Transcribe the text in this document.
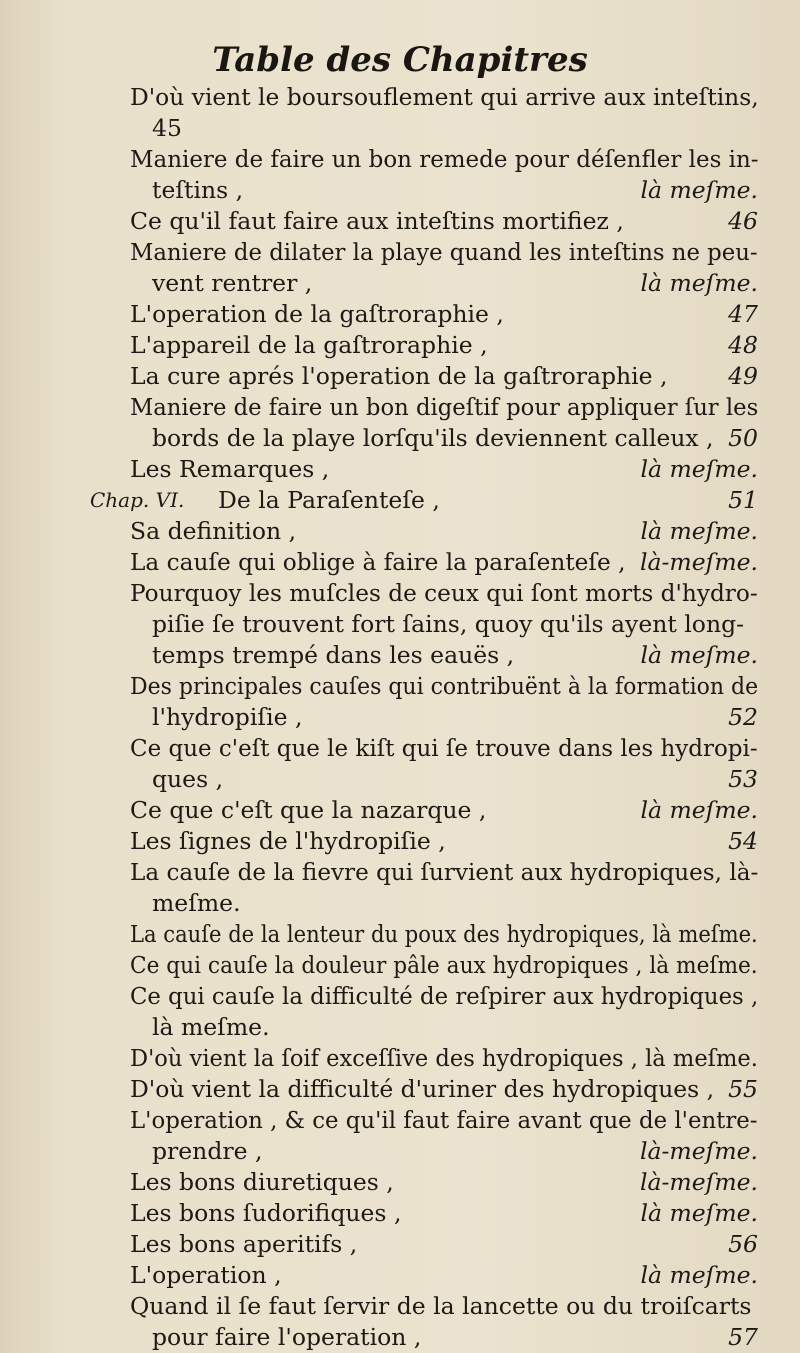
Table des Chapitres
D'où vient le boursouflement qui arrive aux inteſtins,
45
Maniere de faire un bon remede pour déſenfler les in-
teſtins ,	là meſme.
Ce qu'il faut faire aux inteſtins mortifiez ,	46
Maniere de dilater la playe quand les inteſtins ne peu-
vent rentrer ,	là meſme.
L'operation de la gaſtroraphie ,	47
L'appareil de la gaſtroraphie ,	48
La cure aprés l'operation de la gaſtroraphie ,	49
Maniere de faire un bon digeſtif pour appliquer ſur les
bords de la playe lorſqu'ils deviennent calleux , 50
Les Remarques ,	là meſme.
Chap. VI.	De la Paraſenteſe ,	51
Sa definition ,	là meſme.
La cauſe qui oblige à faire la paraſenteſe , là-meſme.
Pourquoy les muſcles de ceux qui ſont morts d'hydro-
piſie ſe trouvent fort ſains, quoy qu'ils ayent long-
temps trempé dans les eauës ,	là meſme.
Des principales cauſes qui contribuënt à la formation de
l'hydropiſie ,	52
Ce que c'eſt que le kiſt qui ſe trouve dans les hydropi-
ques ,	53
Ce que c'eſt que la nazarque ,	là meſme.
Les ſignes de l'hydropiſie ,	54
La cauſe de la fievre qui ſurvient aux hydropiques, là-
meſme.
La cauſe de la lenteur du poux des hydropiques, là meſme.
Ce qui cauſe la douleur pâle aux hydropiques , là meſme.
Ce qui cauſe la difficulté de reſpirer aux hydropiques ,
là meſme.
D'où vient la ſoif exceſſive des hydropiques , là meſme.
D'où vient la difficulté d'uriner des hydropiques , 55
L'operation , & ce qu'il faut faire avant que de l'entre-
prendre ,	là-meſme.
Les bons diuretiques ,	là-meſme.
Les bons ſudorifiques ,	là meſme.
Les bons aperitifs ,	56
L'operation ,	là meſme.
Quand il ſe faut ſervir de la lancette ou du troiſcarts
pour faire l'operation ,	57
